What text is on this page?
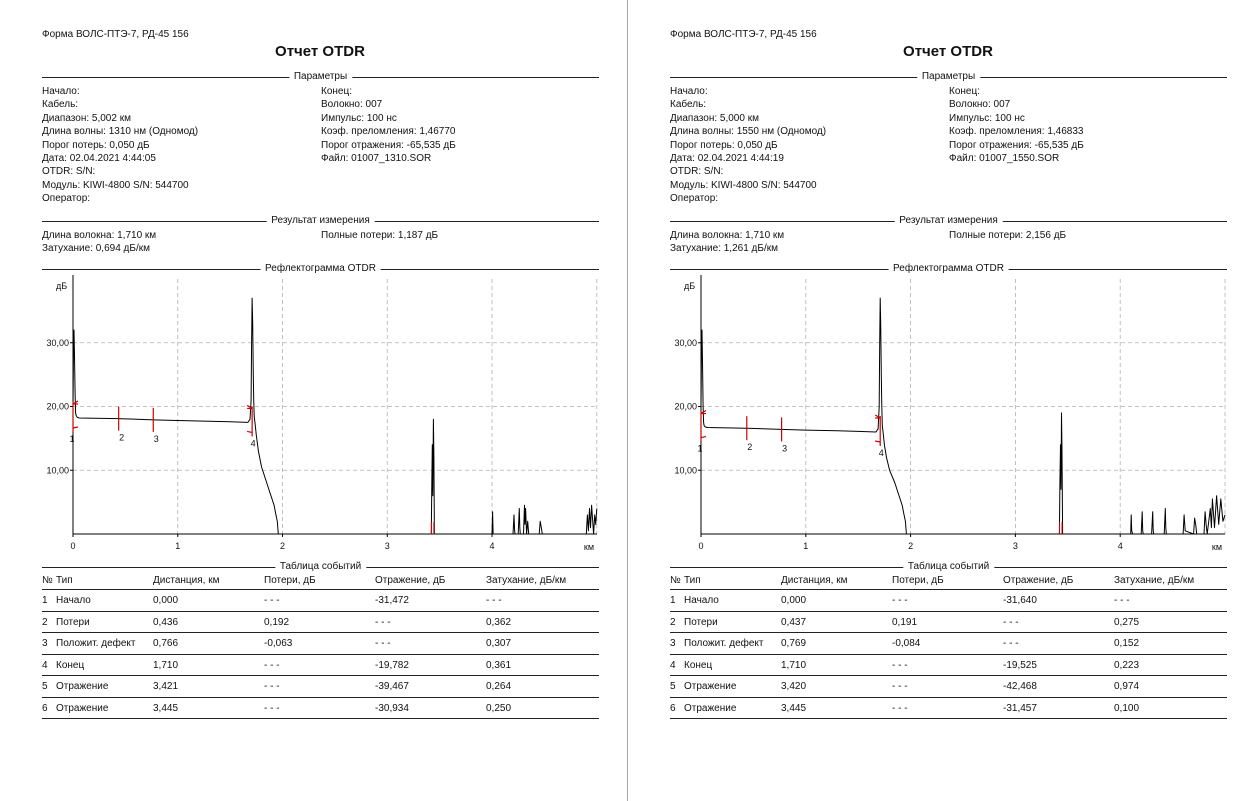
Форма ВОЛС-ПТЭ-7, РД-45 156
Отчет OTDR
Параметры
Начало:
Кабель:
Диапазон: 5,002 км
Длина волны: 1310 нм (Одномод)
Порог потерь: 0,050 дБ
Дата: 02.04.2021 4:44:05
OTDR: S/N:
Модуль: KIWI-4800 S/N: 544700
Оператор:
Конец:
Волокно: 007
Импульс: 100 нс
Коэф. преломления: 1,46770
Порог отражения: -65,535 дБ
Файл: 01007_1310.SOR
Результат измерения
Длина волокна: 1,710 км
Затухание: 0,694 дБ/км
Полные потери: 1,187 дБ
Рефлектограмма OTDR
10,00
20,00
30,00
0	1	2	3	4
дБ
км
1	2	3	4
Таблица событий
№ Тип	Дистанция, км	Потери, дБ	Отражение, дБ	Затухание, дБ/км
1 Начало	0,000	- - -	-31,472	- - -
2 Потери	0,436	0,192	- - -	0,362
3 Положит. дефект 0,766	-0,063	- - -	0,307
4 Конец	1,710	- - -	-19,782	0,361
5 Отражение	3,421	- - -	-39,467	0,264
6 Отражение	3,445	- - -	-30,934	0,250
Форма ВОЛС-ПТЭ-7, РД-45 156
Отчет OTDR
Параметры
Начало:
Кабель:
Диапазон: 5,000 км
Длина волны: 1550 нм (Одномод)
Порог потерь: 0,050 дБ
Дата: 02.04.2021 4:44:19
OTDR: S/N:
Модуль: KIWI-4800 S/N: 544700
Оператор:
Конец:
Волокно: 007
Импульс: 100 нс
Коэф. преломления: 1,46833
Порог отражения: -65,535 дБ
Файл: 01007_1550.SOR
Результат измерения
Длина волокна: 1,710 км
Затухание: 1,261 дБ/км
Полные потери: 2,156 дБ
Рефлектограмма OTDR
10,00
20,00
30,00
0	1	2	3	4
дБ
км
1	2	3	4
Таблица событий
№ Тип	Дистанция, км	Потери, дБ	Отражение, дБ	Затухание, дБ/км
1 Начало	0,000	- - -	-31,640	- - -
2 Потери	0,437	0,191	- - -	0,275
3 Положит. дефект 0,769	-0,084	- - -	0,152
4 Конец	1,710	- - -	-19,525	0,223
5 Отражение	3,420	- - -	-42,468	0,974
6 Отражение	3,445	- - -	-31,457	0,100
